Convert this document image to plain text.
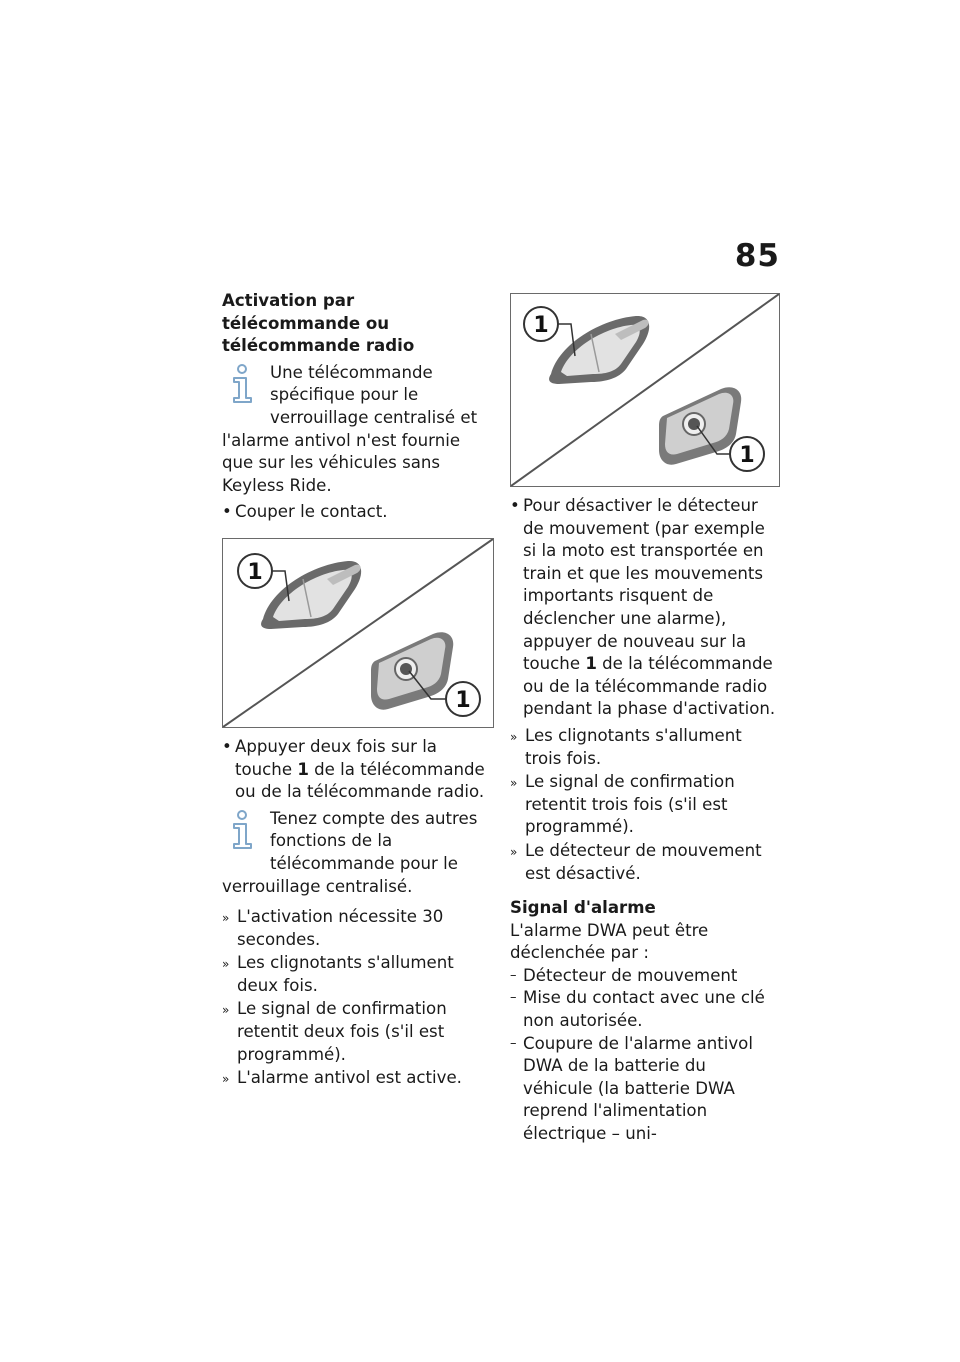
85

Activation par télécommande ou télécommande radio

Une télécommande spécifique pour le verrouillage centralisé et l'alarme antivol n'est fournie que sur les véhicules sans Keyless Ride.

• Couper le contact.
1
1
• Appuyer deux fois sur la touche 1 de la télécommande ou de la télécommande radio.

Tenez compte des autres fonctions de la télécommande pour le verrouillage centralisé.

» L'activation nécessite 30 secondes.
» Les clignotants s'allument deux fois.
» Le signal de confirmation retentit deux fois (s'il est programmé).
» L'alarme antivol est active.
1
1
• Pour désactiver le détecteur de mouvement (par exemple si la moto est transportée en train et que les mouvements importants risquent de déclencher une alarme), appuyer de nouveau sur la touche 1 de la télécommande ou de la télécommande radio pendant la phase d'activation.
» Les clignotants s'allument trois fois.
» Le signal de confirmation retentit trois fois (s'il est programmé).
» Le détecteur de mouvement est désactivé.

Signal d'alarme

L'alarme DWA peut être déclenchée par :

– Détecteur de mouvement
– Mise du contact avec une clé non autorisée.
– Coupure de l'alarme antivol DWA de la batterie du véhicule (la batterie DWA reprend l'alimentation électrique – uni-
